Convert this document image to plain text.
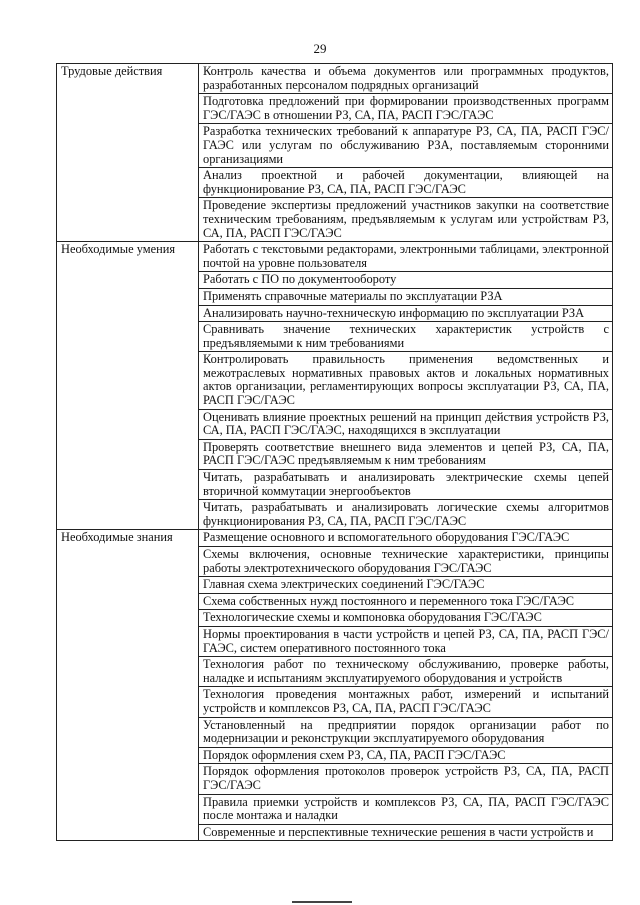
29
Трудовые действия	Контроль качества и объема документов или программных продуктов, разработанных персоналом подрядных организаций
	Подготовка предложений при формировании производственных программ ГЭС/ГАЭС в отношении РЗ, СА, ПА, РАСП ГЭС/ГАЭС
	Разработка технических требований к аппаратуре РЗ, СА, ПА, РАСП ГЭС/ГАЭС или услугам по обслуживанию РЗА, поставляемым сторонними организациями
	Анализ проектной и рабочей документации, влияющей на функционирование РЗ, СА, ПА, РАСП ГЭС/ГАЭС
	Проведение экспертизы предложений участников закупки на соответствие техническим требованиям, предъявляемым к услугам или устройствам РЗ, СА, ПА, РАСП ГЭС/ГАЭС
Необходимые умения	Работать с текстовыми редакторами, электронными таблицами, электронной почтой на уровне пользователя
	Работать с ПО по документообороту
	Применять справочные материалы по эксплуатации РЗА
	Анализировать научно-техническую информацию по эксплуатации РЗА
	Сравнивать значение технических характеристик устройств с предъявляемыми к ним требованиями
	Контролировать правильность применения ведомственных и межотраслевых нормативных правовых актов и локальных нормативных актов организации, регламентирующих вопросы эксплуатации РЗ, СА, ПА, РАСП ГЭС/ГАЭС
	Оценивать влияние проектных решений на принцип действия устройств РЗ, СА, ПА, РАСП ГЭС/ГАЭС, находящихся в эксплуатации
	Проверять соответствие внешнего вида элементов и цепей РЗ, СА, ПА, РАСП ГЭС/ГАЭС предъявляемым к ним требованиям
	Читать, разрабатывать и анализировать электрические схемы цепей вторичной коммутации энергообъектов
	Читать, разрабатывать и анализировать логические схемы алгоритмов функционирования РЗ, СА, ПА, РАСП ГЭС/ГАЭС
Необходимые знания	Размещение основного и вспомогательного оборудования ГЭС/ГАЭС
	Схемы включения, основные технические характеристики, принципы работы электротехнического оборудования ГЭС/ГАЭС
	Главная схема электрических соединений ГЭС/ГАЭС
	Схема собственных нужд постоянного и переменного тока ГЭС/ГАЭС
	Технологические схемы и компоновка оборудования ГЭС/ГАЭС
	Нормы проектирования в части устройств и цепей РЗ, СА, ПА, РАСП ГЭС/ГАЭС, систем оперативного постоянного тока
	Технология работ по техническому обслуживанию, проверке работы, наладке и испытаниям эксплуатируемого оборудования и устройств
	Технология проведения монтажных работ, измерений и испытаний устройств и комплексов РЗ, СА, ПА, РАСП ГЭС/ГАЭС
	Установленный на предприятии порядок организации работ по модернизации и реконструкции эксплуатируемого оборудования
	Порядок оформления схем РЗ, СА, ПА, РАСП ГЭС/ГАЭС
	Порядок оформления протоколов проверок устройств РЗ, СА, ПА, РАСП ГЭС/ГАЭС
	Правила приемки устройств и комплексов РЗ, СА, ПА, РАСП ГЭС/ГАЭС после монтажа и наладки
	Современные и перспективные технические решения в части устройств и
